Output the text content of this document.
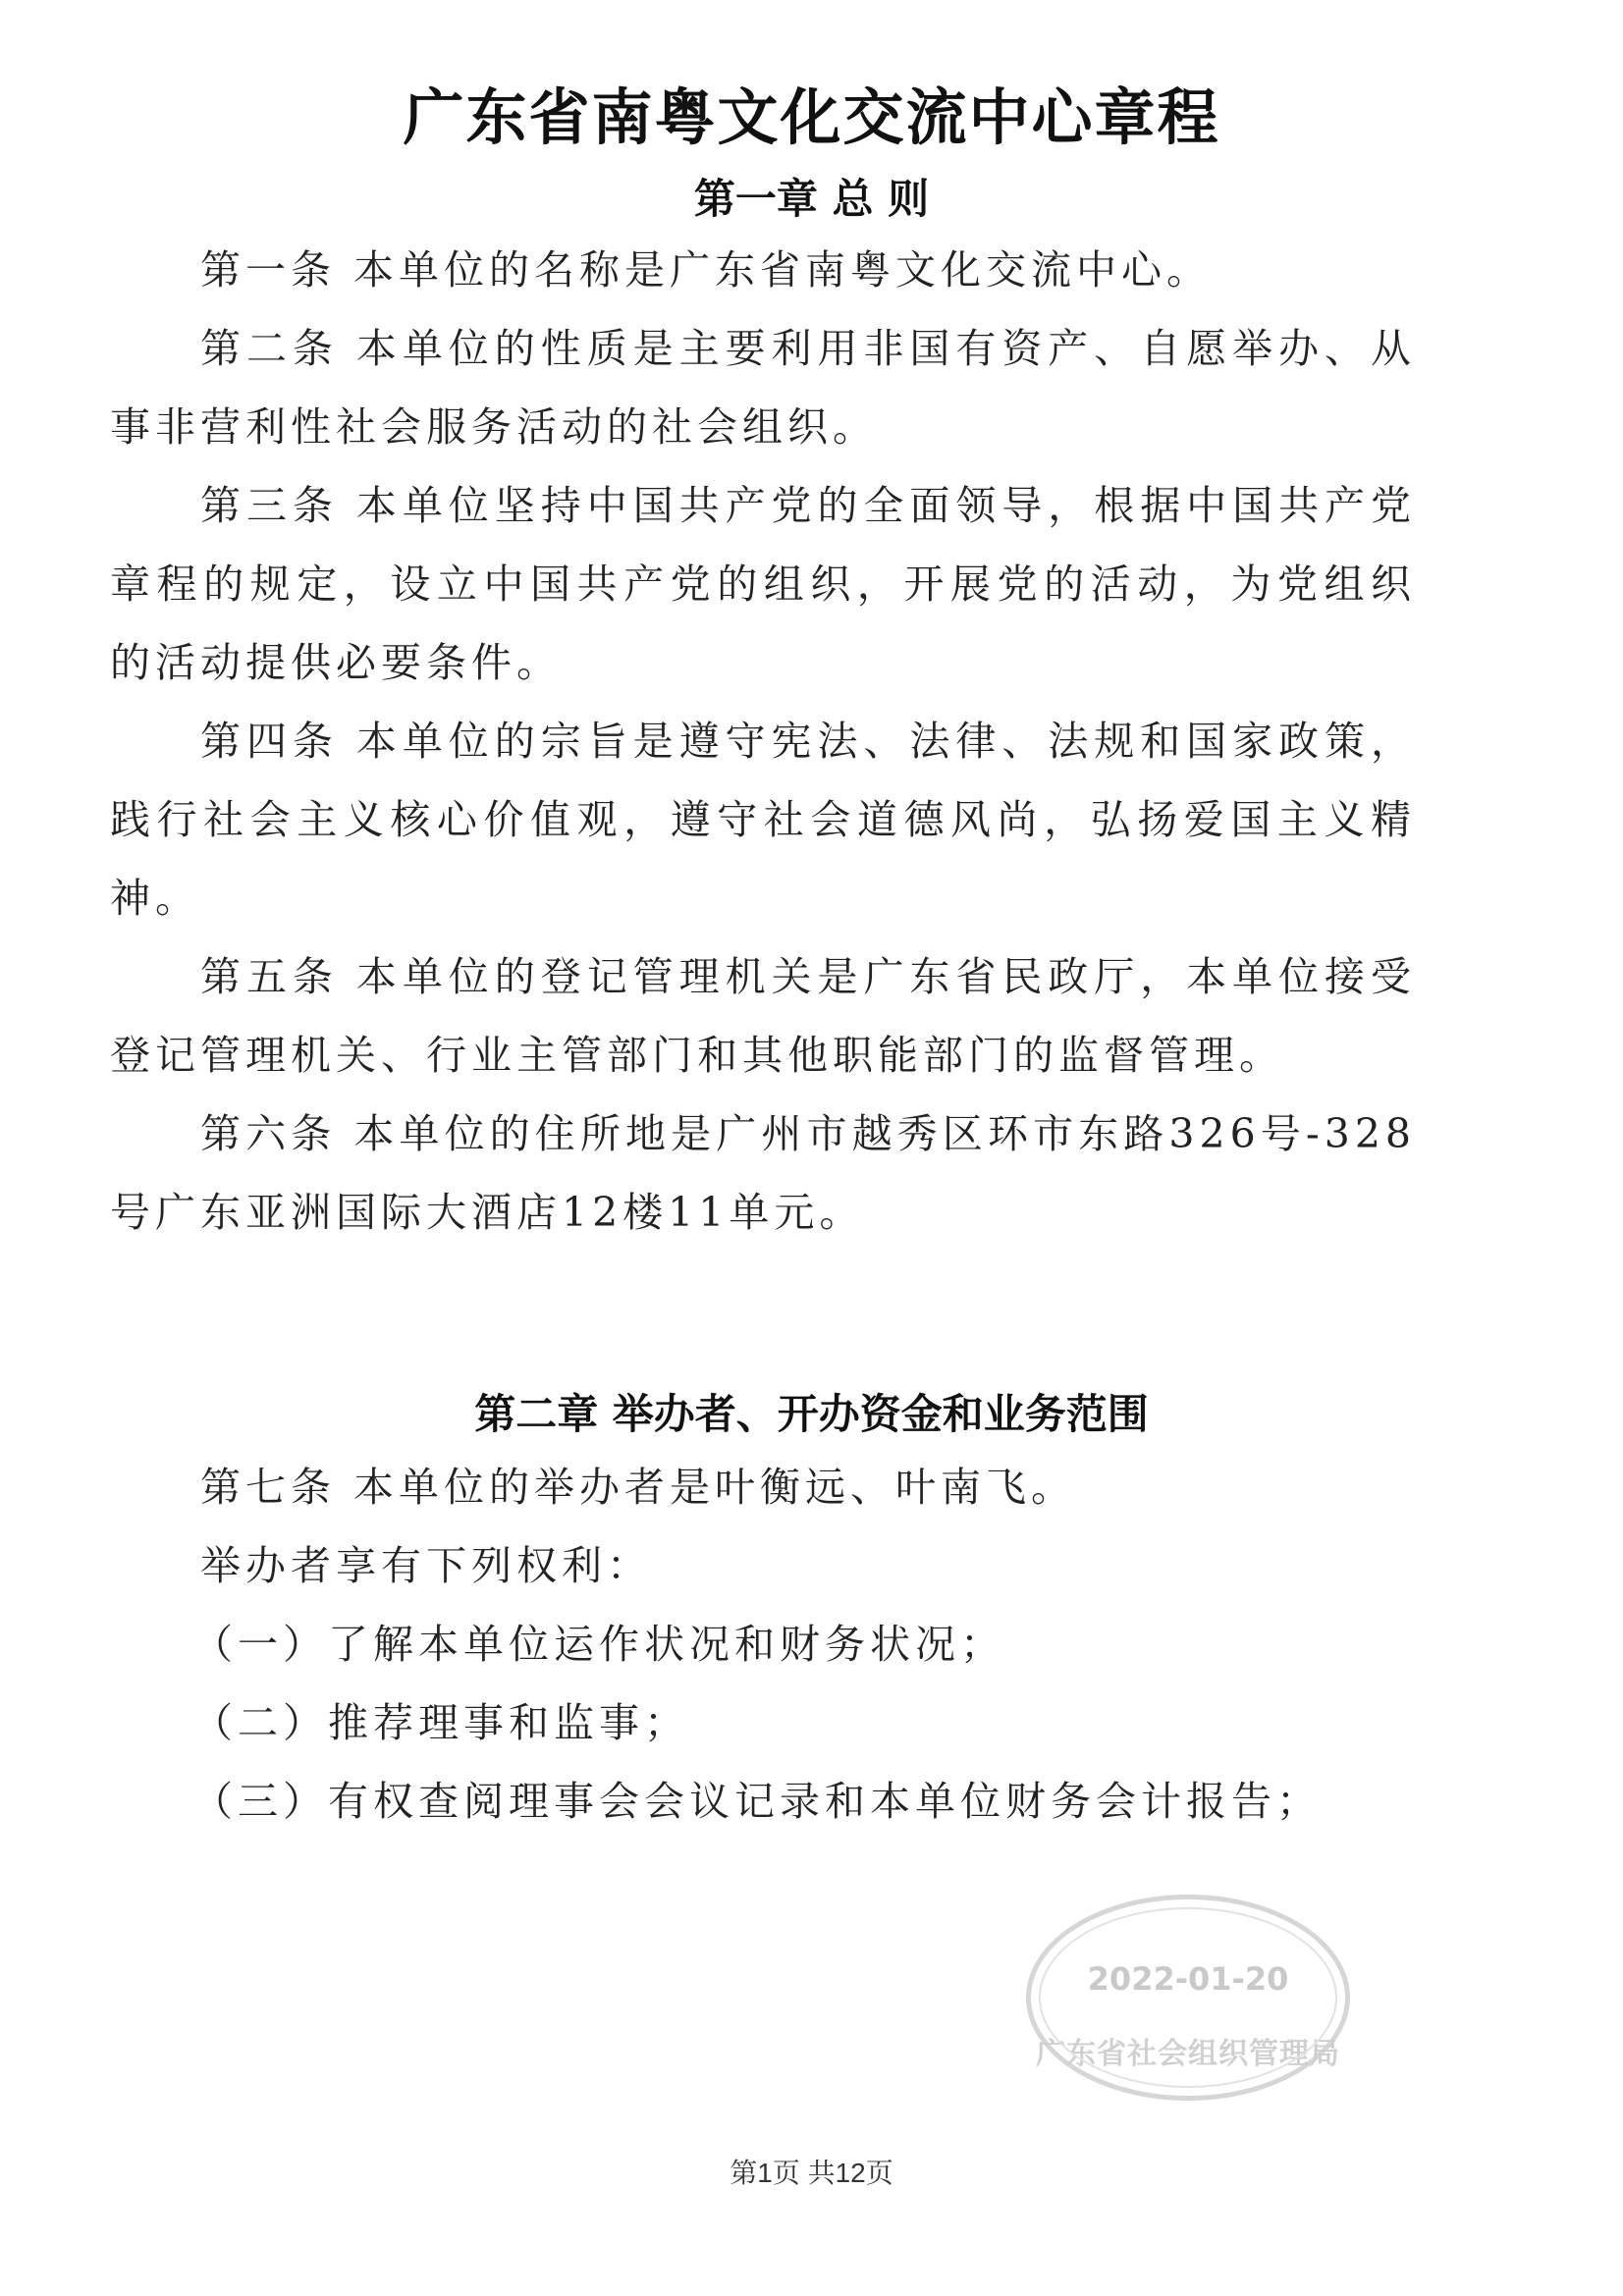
广东省南粤文化交流中心章程
第一章 总 则

第一条 本单位的名称是广东省南粤文化交流中心。

第二条 本单位的性质是主要利用非国有资产、自愿举办、从事非营利性社会服务活动的社会组织。

第三条 本单位坚持中国共产党的全面领导，根据中国共产党章程的规定，设立中国共产党的组织，开展党的活动，为党组织的活动提供必要条件。

第四条 本单位的宗旨是遵守宪法、法律、法规和国家政策，践行社会主义核心价值观，遵守社会道德风尚，弘扬爱国主义精神。

第五条 本单位的登记管理机关是广东省民政厅，本单位接受登记管理机关、行业主管部门和其他职能部门的监督管理。

第六条 本单位的住所地是广州市越秀区环市东路326号-328号广东亚洲国际大酒店12楼11单元。

第二章 举办者、开办资金和业务范围

第七条 本单位的举办者是叶衡远、叶南飞。

举办者享有下列权利：

（一）了解本单位运作状况和财务状况；

（二）推荐理事和监事；

（三）有权查阅理事会会议记录和本单位财务会计报告；

2022-01-20
广东省社会组织管理局
第1页 共12页
